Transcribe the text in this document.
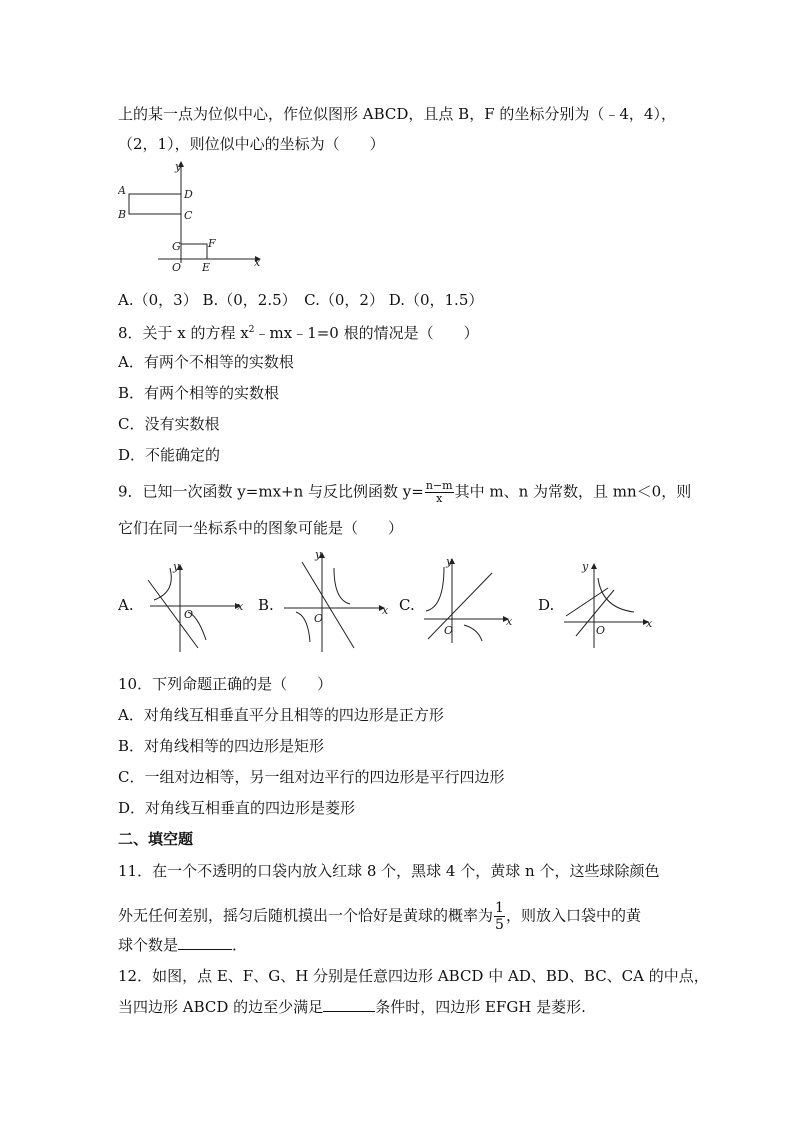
上的某一点为位似中心，作位似图形 ABCD，且点 B，F 的坐标分别为（﹣4，4），
（2，1），则位似中心的坐标为（　　）
A
B
D
C
G F
O E	x
y
A.（0，3） B.（0，2.5）　C.（0，2） D.（0，1.5）
8．关于 x 的方程 $x^2﹣mx﹣1=0$ 根的情况是（　　）
A．有两个不相等的实数根
B．有两个相等的实数根
C．没有实数根
D．不能确定的
9．已知一次函数 y=mx+n 与反比例函数 $y= \frac{n-m}{x}$ 其中 m、n 为常数，且 mn＜0，则
它们在同一坐标系中的图象可能是（　　）
A.
y
O
x B.
y
O
x C.
y
O
x
D.
y
O
x
10．下列命题正确的是（　　）
A．对角线互相垂直平分且相等的四边形是正方形
B．对角线相等的四边形是矩形
C．一组对边相等，另一组对边平行的四边形是平行四边形
D．对角线互相垂直的四边形是菱形
二、填空题
11．在一个不透明的口袋内放入红球 8 个，黑球 4 个，黄球 n 个，这些球除颜色
外无任何差别，摇匀后随机摸出一个恰好是黄球的概率为 $\frac{1}{5}$ ，则放入口袋中的黄
球个数是	．
12．如图，点 E、F、G、H 分别是任意四边形 ABCD 中 AD、BD、BC、CA 的中点，
当四边形 ABCD 的边至少满足	条件时，四边形 EFGH 是菱形.
